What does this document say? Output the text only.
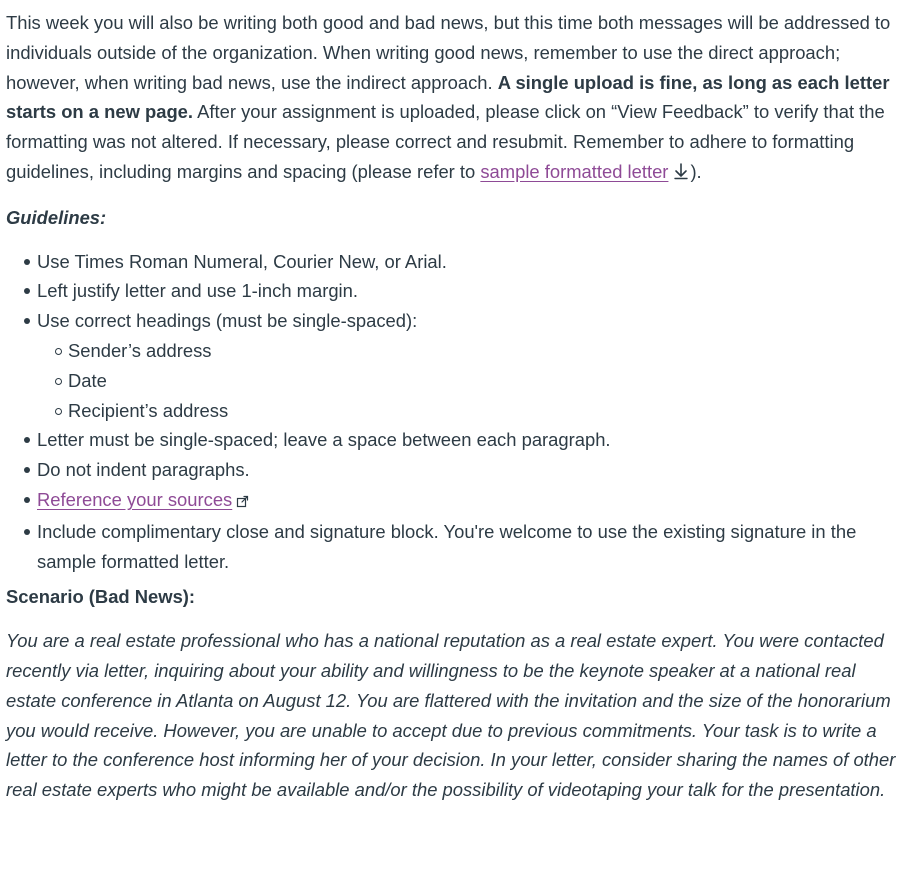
This week you will also be writing both good and bad news, but this time both messages will be addressed to individuals outside of the organization. When writing good news, remember to use the direct approach; however, when writing bad news, use the indirect approach. A single upload is fine, as long as each letter starts on a new page. After your assignment is uploaded, please click on “View Feedback” to verify that the formatting was not altered. If necessary, please correct and resubmit. Remember to adhere to formatting guidelines, including margins and spacing (please refer to sample formatted letter ).

Guidelines:

Use Times Roman Numeral, Courier New, or Arial.
Left justify letter and use 1-inch margin.
Use correct headings (must be single-spaced):
Sender’s address
Date
Recipient’s address
Letter must be single-spaced; leave a space between each paragraph.
Do not indent paragraphs.
Reference your sources
Include complimentary close and signature block. You're welcome to use the existing signature in the sample formatted letter.

Scenario (Bad News):

You are a real estate professional who has a national reputation as a real estate expert. You were contacted recently via letter, inquiring about your ability and willingness to be the keynote speaker at a national real estate conference in Atlanta on August 12. You are flattered with the invitation and the size of the honorarium you would receive. However, you are unable to accept due to previous commitments. Your task is to write a letter to the conference host informing her of your decision. In your letter, consider sharing the names of other real estate experts who might be available and/or the possibility of videotaping your talk for the presentation.
